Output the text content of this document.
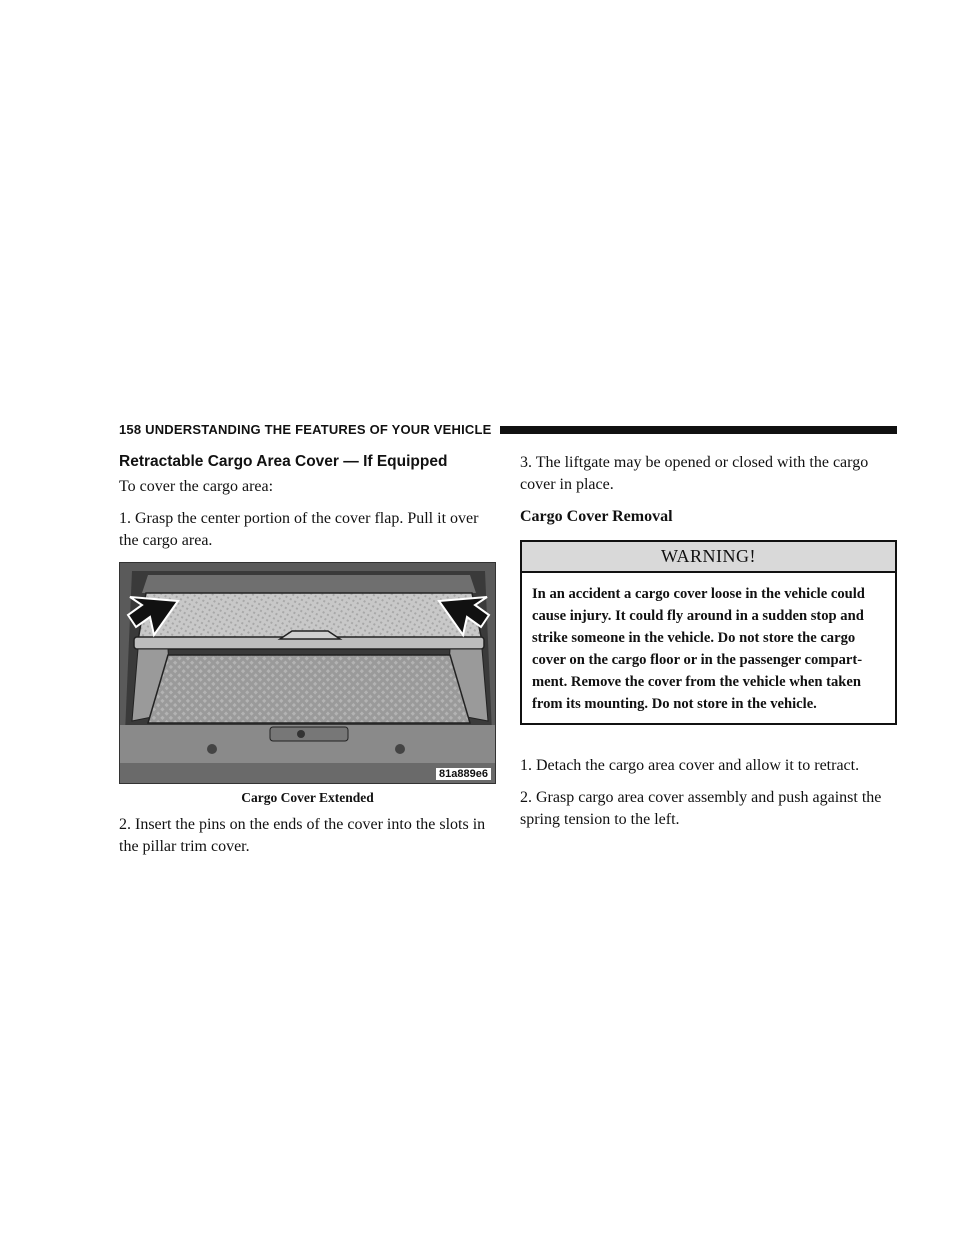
158 UNDERSTANDING THE FEATURES OF YOUR VEHICLE
Retractable Cargo Area Cover — If Equipped

To cover the cargo area:

1. Grasp the center portion of the cover flap. Pull it over the cargo area.

81a889e6
Cargo Cover Extended

2. Insert the pins on the ends of the cover into the slots in the pillar trim cover.

3. The liftgate may be opened or closed with the cargo cover in place.

Cargo Cover Removal
WARNING!
In an accident a cargo cover loose in the vehicle could cause injury. It could fly around in a sudden stop and strike someone in the vehicle. Do not store the cargo cover on the cargo floor or in the passenger compart-ment. Remove the cover from the vehicle when taken from its mounting. Do not store in the vehicle.

1. Detach the cargo area cover and allow it to retract.

2. Grasp cargo area cover assembly and push against the spring tension to the left.
